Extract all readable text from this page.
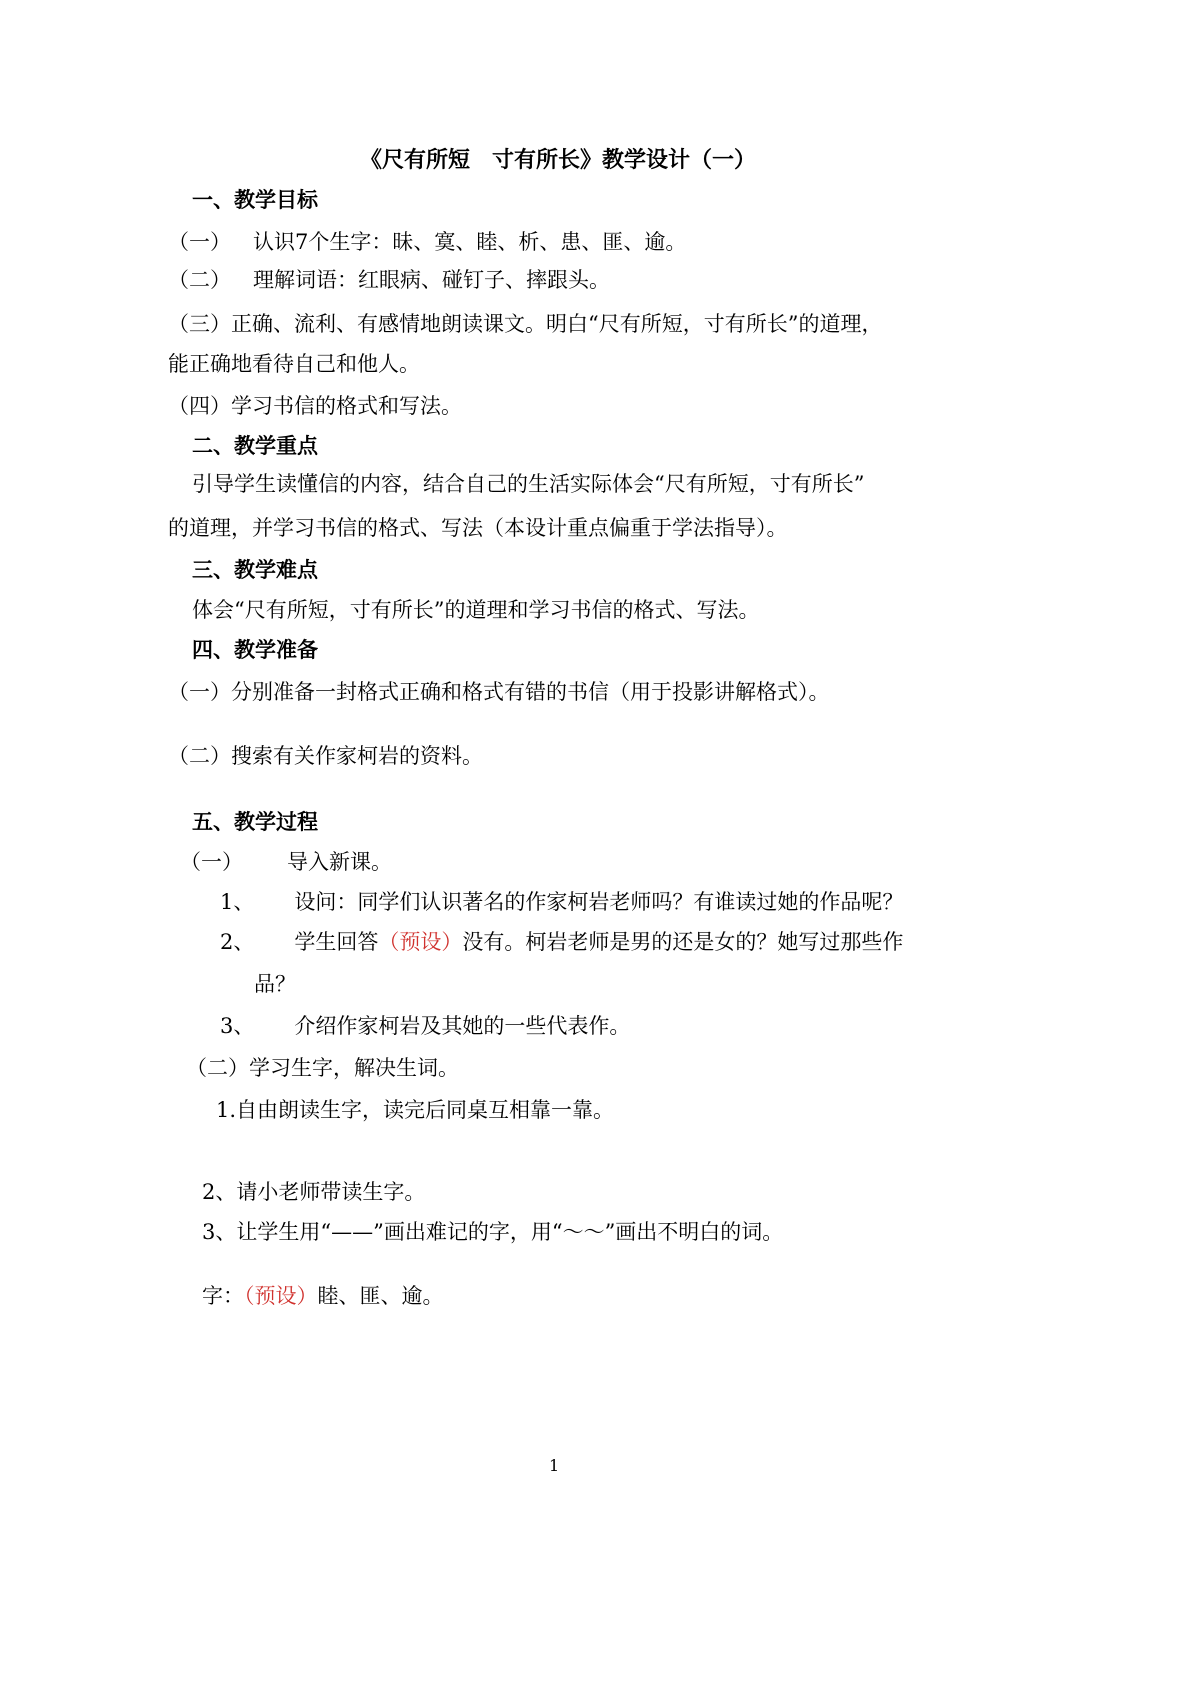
《尺有所短　寸有所长》教学设计（一）
一、教学目标
（一） 认识7个生字：昧、寞、睦、析、患、匪、逾。
（二） 理解词语：红眼病、碰钉子、摔跟头。
（三）正确、流利、有感情地朗读课文。明白“尺有所短，寸有所长”的道理，
能正确地看待自己和他人。
（四）学习书信的格式和写法。
二、教学重点
引导学生读懂信的内容，结合自己的生活实际体会“尺有所短，寸有所长”
的道理，并学习书信的格式、写法（本设计重点偏重于学法指导）。
三、教学难点
体会“尺有所短，寸有所长”的道理和学习书信的格式、写法。
四、教学准备
（一）分别准备一封格式正确和格式有错的书信（用于投影讲解格式）。
（二）搜索有关作家柯岩的资料。
五、教学过程
（一） 导入新课。
1、 设问：同学们认识著名的作家柯岩老师吗？有谁读过她的作品呢？
2、 学生回答（预设）没有。柯岩老师是男的还是女的？她写过那些作
品？
3、 介绍作家柯岩及其她的一些代表作。
（二）学习生字，解决生词。
1.自由朗读生字，读完后同桌互相靠一靠。
2、请小老师带读生字。
3、让学生用“——”画出难记的字，用“～～”画出不明白的词。
字：（预设）睦、匪、逾。
1
